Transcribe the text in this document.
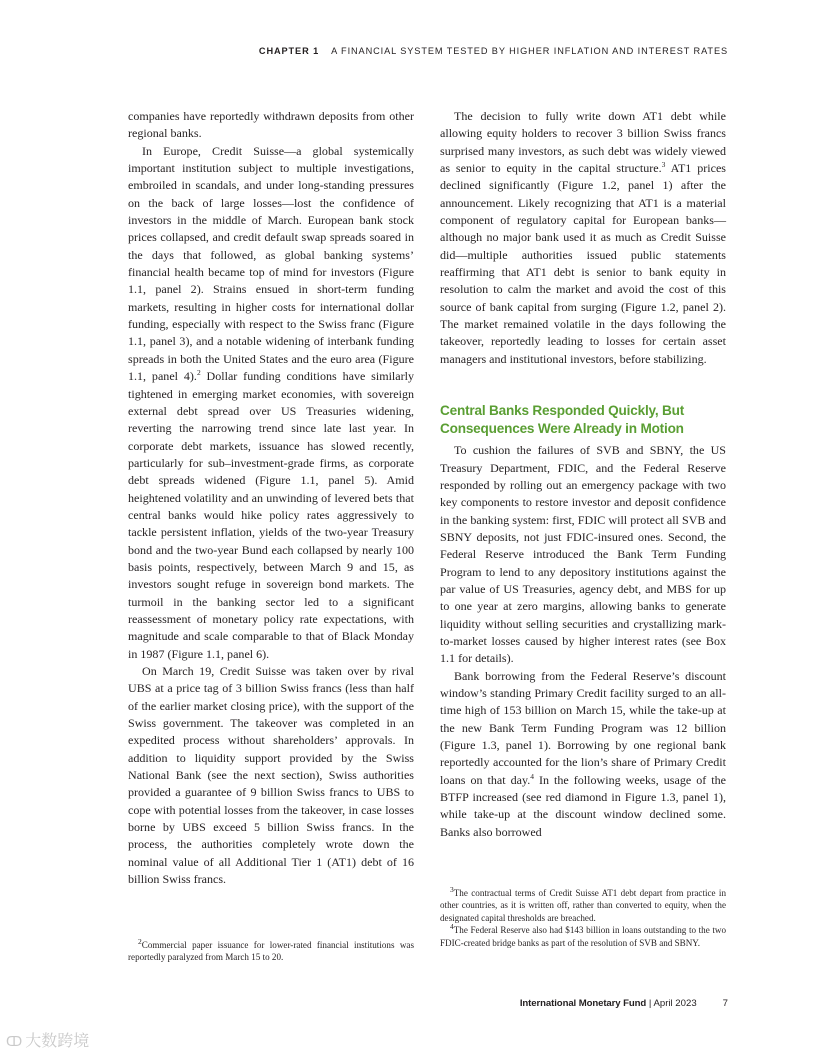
CHAPTER 1 A FINANCIAL SYSTEM TESTED BY HIGHER INFLATION AND INTEREST RATES

companies have reportedly withdrawn deposits from other regional banks.

In Europe, Credit Suisse—a global systemically important institution subject to multiple investigations, embroiled in scandals, and under long-standing pressures on the back of large losses—lost the confidence of investors in the middle of March. European bank stock prices collapsed, and credit default swap spreads soared in the days that followed, as global banking systems’ financial health became top of mind for investors (Figure 1.1, panel 2). Strains ensued in short-term funding markets, resulting in higher costs for international dollar funding, especially with respect to the Swiss franc (Figure 1.1, panel 3), and a notable widening of interbank funding spreads in both the United States and the euro area (Figure 1.1, panel 4).$^2$ Dollar funding conditions have similarly tightened in emerging market economies, with sovereign external debt spread over US Treasuries widening, reverting the narrowing trend since late last year. In corporate debt markets, issuance has slowed recently, particularly for sub–investment-grade firms, as corporate debt spreads widened (Figure 1.1, panel 5). Amid heightened volatility and an unwinding of levered bets that central banks would hike policy rates aggressively to tackle persistent inflation, yields of the two-year Treasury bond and the two-year Bund each collapsed by nearly 100 basis points, respectively, between March 9 and 15, as investors sought refuge in sovereign bond markets. The turmoil in the banking sector led to a significant reassessment of monetary policy rate expectations, with magnitude and scale comparable to that of Black Monday in 1987 (Figure 1.1, panel 6).

On March 19, Credit Suisse was taken over by rival UBS at a price tag of 3 billion Swiss francs (less than half of the earlier market closing price), with the support of the Swiss government. The takeover was completed in an expedited process without shareholders’ approvals. In addition to liquidity support provided by the Swiss National Bank (see the next section), Swiss authorities provided a guarantee of 9 billion Swiss francs to UBS to cope with potential losses from the takeover, in case losses borne by UBS exceed 5 billion Swiss francs. In the process, the authorities completely wrote down the nominal value of all Additional Tier 1 (AT1) debt of 16 billion Swiss francs.

The decision to fully write down AT1 debt while allowing equity holders to recover 3 billion Swiss francs surprised many investors, as such debt was widely viewed as senior to equity in the capital structure.$^3$ AT1 prices declined significantly (Figure 1.2, panel 1) after the announcement. Likely recognizing that AT1 is a material component of regulatory capital for European banks—although no major bank used it as much as Credit Suisse did—multiple authorities issued public statements reaffirming that AT1 debt is senior to bank equity in resolution to calm the market and avoid the cost of this source of bank capital from surging (Figure 1.2, panel 2). The market remained volatile in the days following the takeover, reportedly leading to losses for certain asset managers and institutional investors, before stabilizing.

Central Banks Responded Quickly, But
Consequences Were Already in Motion

To cushion the failures of SVB and SBNY, the US Treasury Department, FDIC, and the Federal Reserve responded by rolling out an emergency package with two key components to restore investor and deposit confidence in the banking system: first, FDIC will protect all SVB and SBNY deposits, not just FDIC-insured ones. Second, the Federal Reserve introduced the Bank Term Funding Program to lend to any depository institutions against the par value of US Treasuries, agency debt, and MBS for up to one year at zero margins, allowing banks to generate liquidity without selling securities and crystallizing mark-to-market losses caused by higher interest rates (see Box 1.1 for details).

Bank borrowing from the Federal Reserve’s discount window’s standing Primary Credit facility surged to an all-time high of 153 billion on March 15, while the take-up at the new Bank Term Funding Program was 12 billion (Figure 1.3, panel 1). Borrowing by one regional bank reportedly accounted for the lion’s share of Primary Credit loans on that day.$^4$ In the following weeks, usage of the BTFP increased (see red diamond in Figure 1.3, panel 1), while take-up at the discount window declined some. Banks also borrowed

$^2$Commercial paper issuance for lower-rated financial institutions was reportedly paralyzed from March 15 to 20.

$^3$The contractual terms of Credit Suisse AT1 debt depart from practice in other countries, as it is written off, rather than converted to equity, when the designated capital thresholds are breached.

$^4$The Federal Reserve also had $143 billion in loans outstanding to the two FDIC-created bridge banks as part of the resolution of SVB and SBNY.

International Monetary Fund | April 2023	7
ↀ 大数跨境
